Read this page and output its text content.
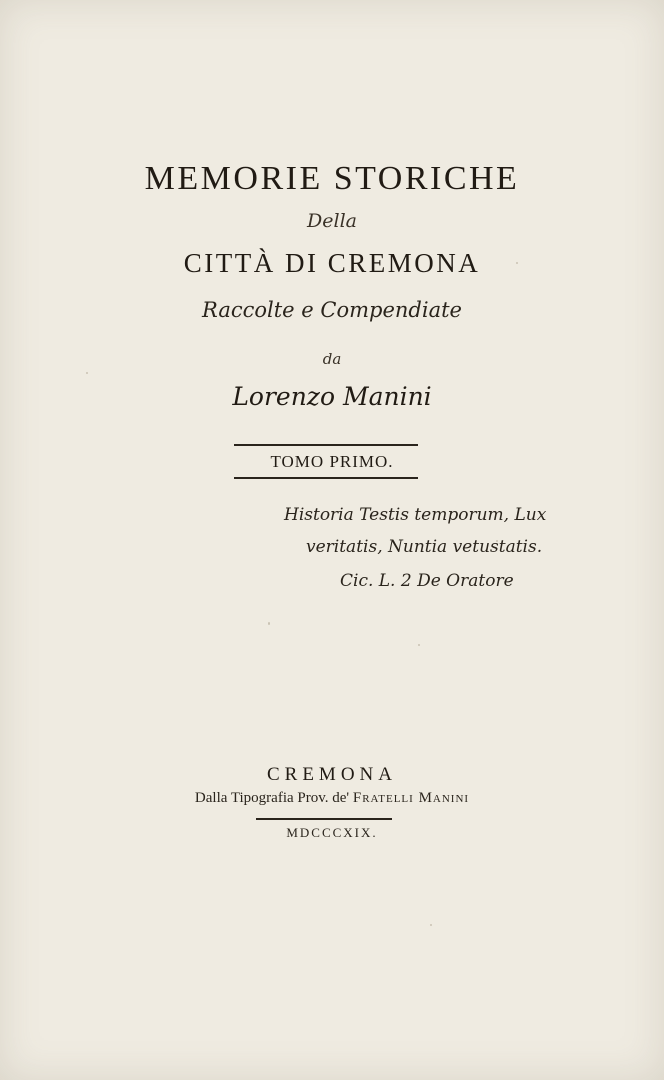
MEMORIE STORICHE
Della
CITTÀ DI CREMONA
Raccolte e Compendiate
da
Lorenzo Manini
TOMO PRIMO.
Historia Testis temporum, Lux
veritatis, Nuntia vetustatis.
Cic. L. 2 De Oratore
CREMONA
Dalla Tipografia Prov. de' Fratelli Manini
MDCCCXIX.
